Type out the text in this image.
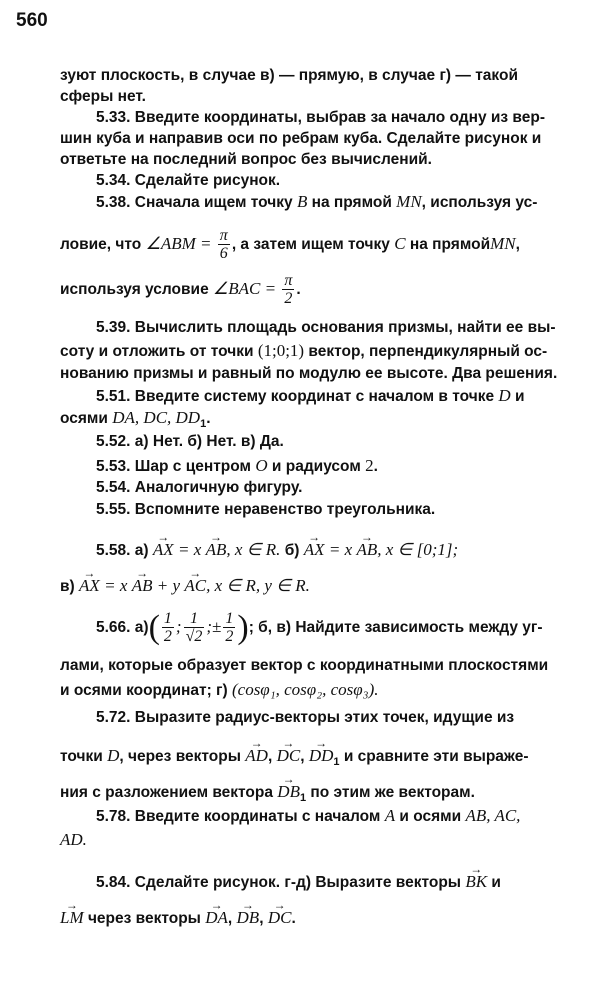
560
зуют плоскость, в случае в) — прямую, в случае г) — такой
сферы нет.
5.33. Введите координаты, выбрав за начало одну из вер-
шин куба и направив оси по ребрам куба. Сделайте рисунок и
ответьте на последний вопрос без вычислений.
5.34. Сделайте рисунок.
5.38. Сначала ищем точку B на прямой MN, используя ус-
ловие, что ∠ABM = $\frac{\pi}{6}$ , а затем ищем точку C на прямойMN,
используя условие ∠BAC = $\frac{\pi}{2}$ .
5.39. Вычислить площадь основания призмы, найти ее вы-
соту и отложить от точки (1;0;1) вектор, перпендикулярный ос-
нованию призмы и равный по модулю ее высоте. Два решения.
5.51. Введите систему координат с началом в точке D и
осями DA, DC, $DD_1$.
5.52. а) Нет. б) Нет. в) Да.
5.53. Шар с центром O и радиусом 2.
5.54. Аналогичную фигуру.
5.55. Вспомните неравенство треугольника.
5.58. а) → AX = x → AB, x ∈ R. б) → AX = x → AB, x ∈ [0;1];
в) → AX = x → AB + y → AC, x ∈ R, y ∈ R.
5.66. $а)( \frac{1}{2}$ ; $\frac{1}{√2}$ ;± $\frac{1}{2}$ ); б, в) Найдите зависимость между уг-
лами, которые образует вектор с координатными плоскостями
и осями координат; г) (cosφ₁, cosφ₂, cosφ₃).
5.72. Выразите радиус-векторы этих точек, идущие из
точки D, через векторы → AD, → DC, → $DD_1$ и сравните эти выраже-
ния с разложением вектора → $DB_1$ по этим же векторам.
5.78. Введите координаты с началом A и осями AB, AC,
AD.
5.84. Сделайте рисунок. г-д) Выразите векторы → BK и
→ LM через векторы → DA, → DB, → DC.
